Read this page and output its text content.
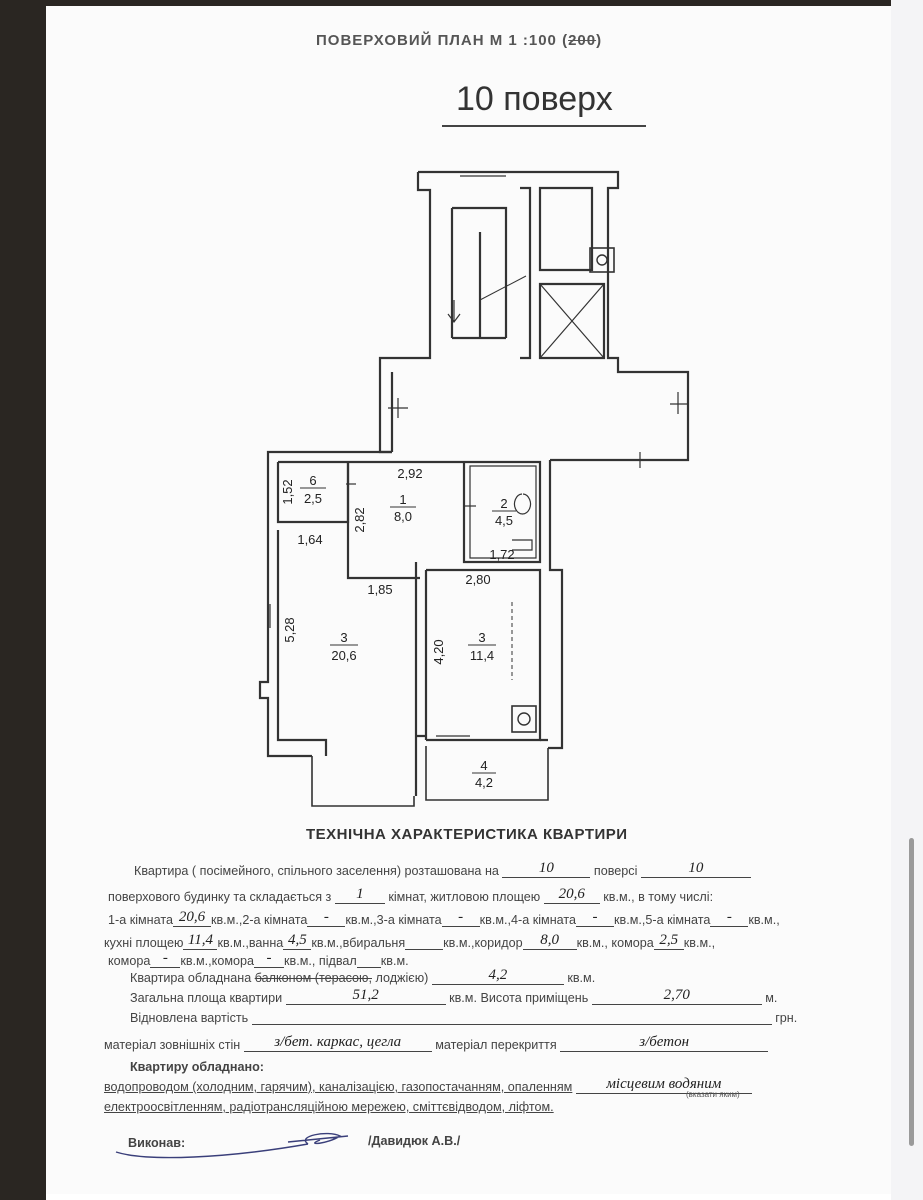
ПОВЕРХОВИЙ ПЛАН М 1 :100 (200)
10 поверх
6
2,5	1
8,0
2
4,5
3
20,6
3
11,4
4
4,2
2,92
1,52
2,82
1,64
1,72
1,85
2,80
5,28
4,20
ТЕХНІЧНА ХАРАКТЕРИСТИКА КВАРТИРИ
Квартира ( посімейного, спільного заселення) розташована на	10	поверсі	10
поверхового будинку та складається з 1 кімнат, житловою площею 20,6 кв.м., в тому числі:
1-а кімната 20,6 кв.м.,2-а кімната - кв.м.,3-а кімната - кв.м.,4-а кімната - кв.м.,5-а кімната - кв.м.,
кухні площею 11,4 кв.м.,ванна 4,5 кв.м.,вбиральня	кв.м.,коридор 8,0 кв.м., комора 2,5 кв.м.,
комора - кв.м.,комора - кв.м., підвал кв.м.
Квартира обладнана балконом (терасою, лоджією)	4,2	кв.м.
Загальна площа квартири	51,2	кв.м. Висота приміщень	2,70	м.
Відновлена вартість	грн.
матеріал зовнішніх стін з/бет. каркас, цегла	матеріал перекриття	з/бетон
Квартиру обладнано:
водопроводом (холодним, гарячим), каналізацією, газопостачанням, опаленням місцевим водяним
(вказати яким)
електроосвітленням, радіотрансляційною мережею, сміттєвідводом, ліфтом.
Виконав:	/Давидюк А.В./
